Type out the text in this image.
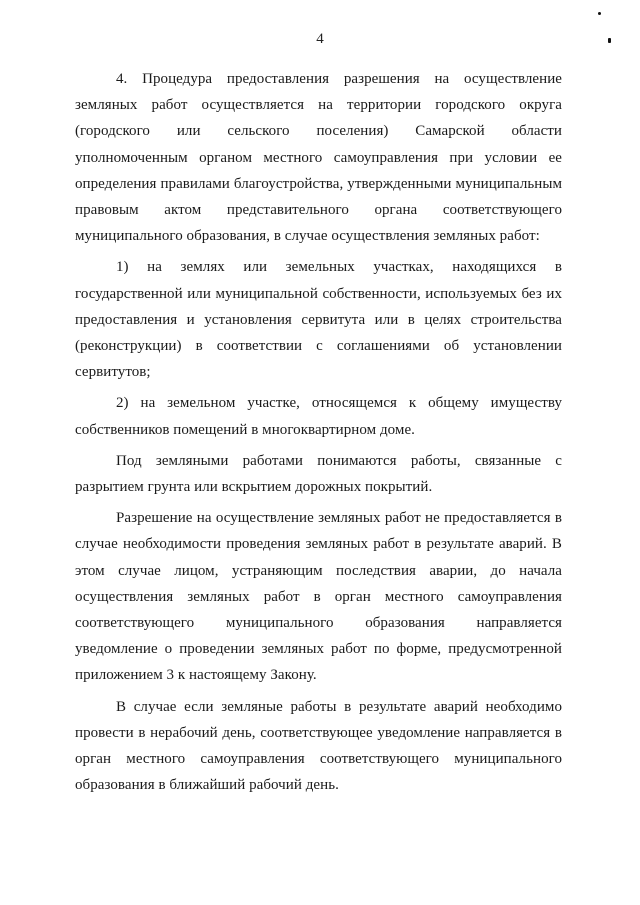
4

4. Процедура предоставления разрешения на осуществление земляных работ осуществляется на территории городского округа (городского или сельского поселения) Самарской области уполномоченным органом местного самоуправления при условии ее определения правилами благоустройства, утвержденными муниципальным правовым актом представительного органа соответствующего муниципального образования, в случае осуществления земляных работ:

1) на землях или земельных участках, находящихся в государственной или муниципальной собственности, используемых без их предоставления и установления сервитута или в целях строительства (реконструкции) в соответствии с соглашениями об установлении сервитутов;

2) на земельном участке, относящемся к общему имуществу собственников помещений в многоквартирном доме.

Под земляными работами понимаются работы, связанные с разрытием грунта или вскрытием дорожных покрытий.

Разрешение на осуществление земляных работ не предоставляется в случае необходимости проведения земляных работ в результате аварий. В этом случае лицом, устраняющим последствия аварии, до начала осуществления земляных работ в орган местного самоуправления соответствующего муниципального образования направляется уведомление о проведении земляных работ по форме, предусмотренной приложением 3 к настоящему Закону.

В случае если земляные работы в результате аварий необходимо провести в нерабочий день, соответствующее уведомление направляется в орган местного самоуправления соответствующего муниципального образования в ближайший рабочий день.
